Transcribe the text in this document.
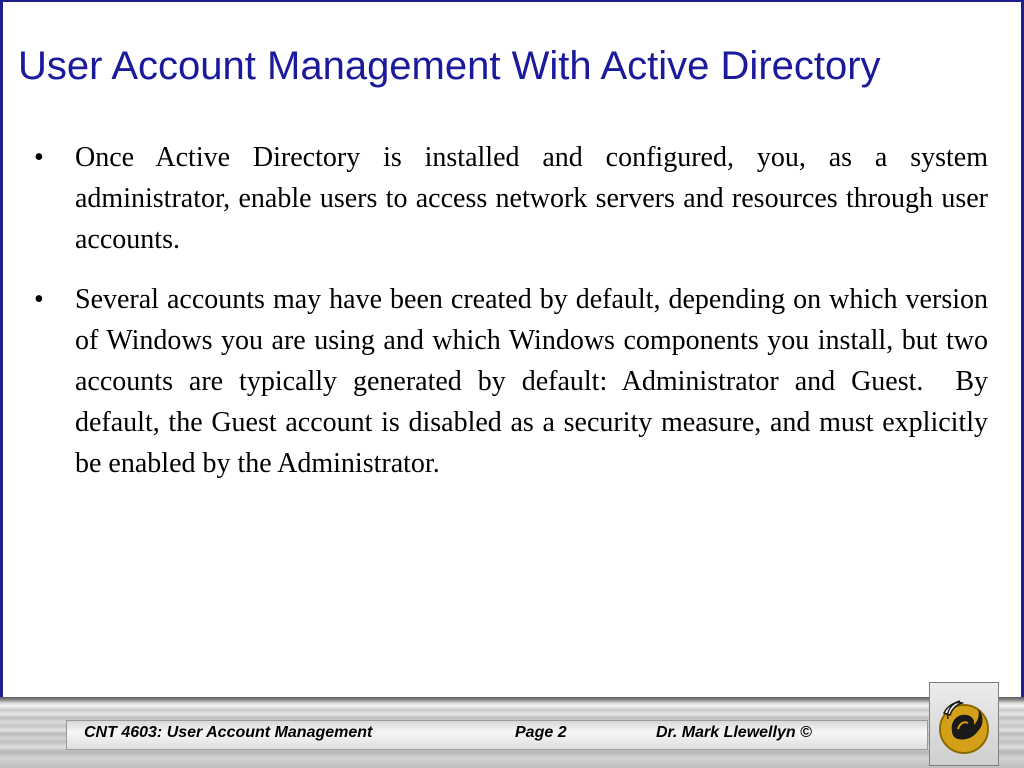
User Account Management With Active Directory
• Once Active Directory is installed and configured, you, as a system administrator, enable users to access network servers and resources through user accounts.

• Several accounts may have been created by default, depending on which version of Windows you are using and which Windows components you install, but two accounts are typically generated by default: Administrator and Guest.  By default, the Guest account is disabled as a security measure, and must explicitly be enabled by the Administrator.

CNT 4603: User Account Management	Page 2	Dr. Mark Llewellyn ©
